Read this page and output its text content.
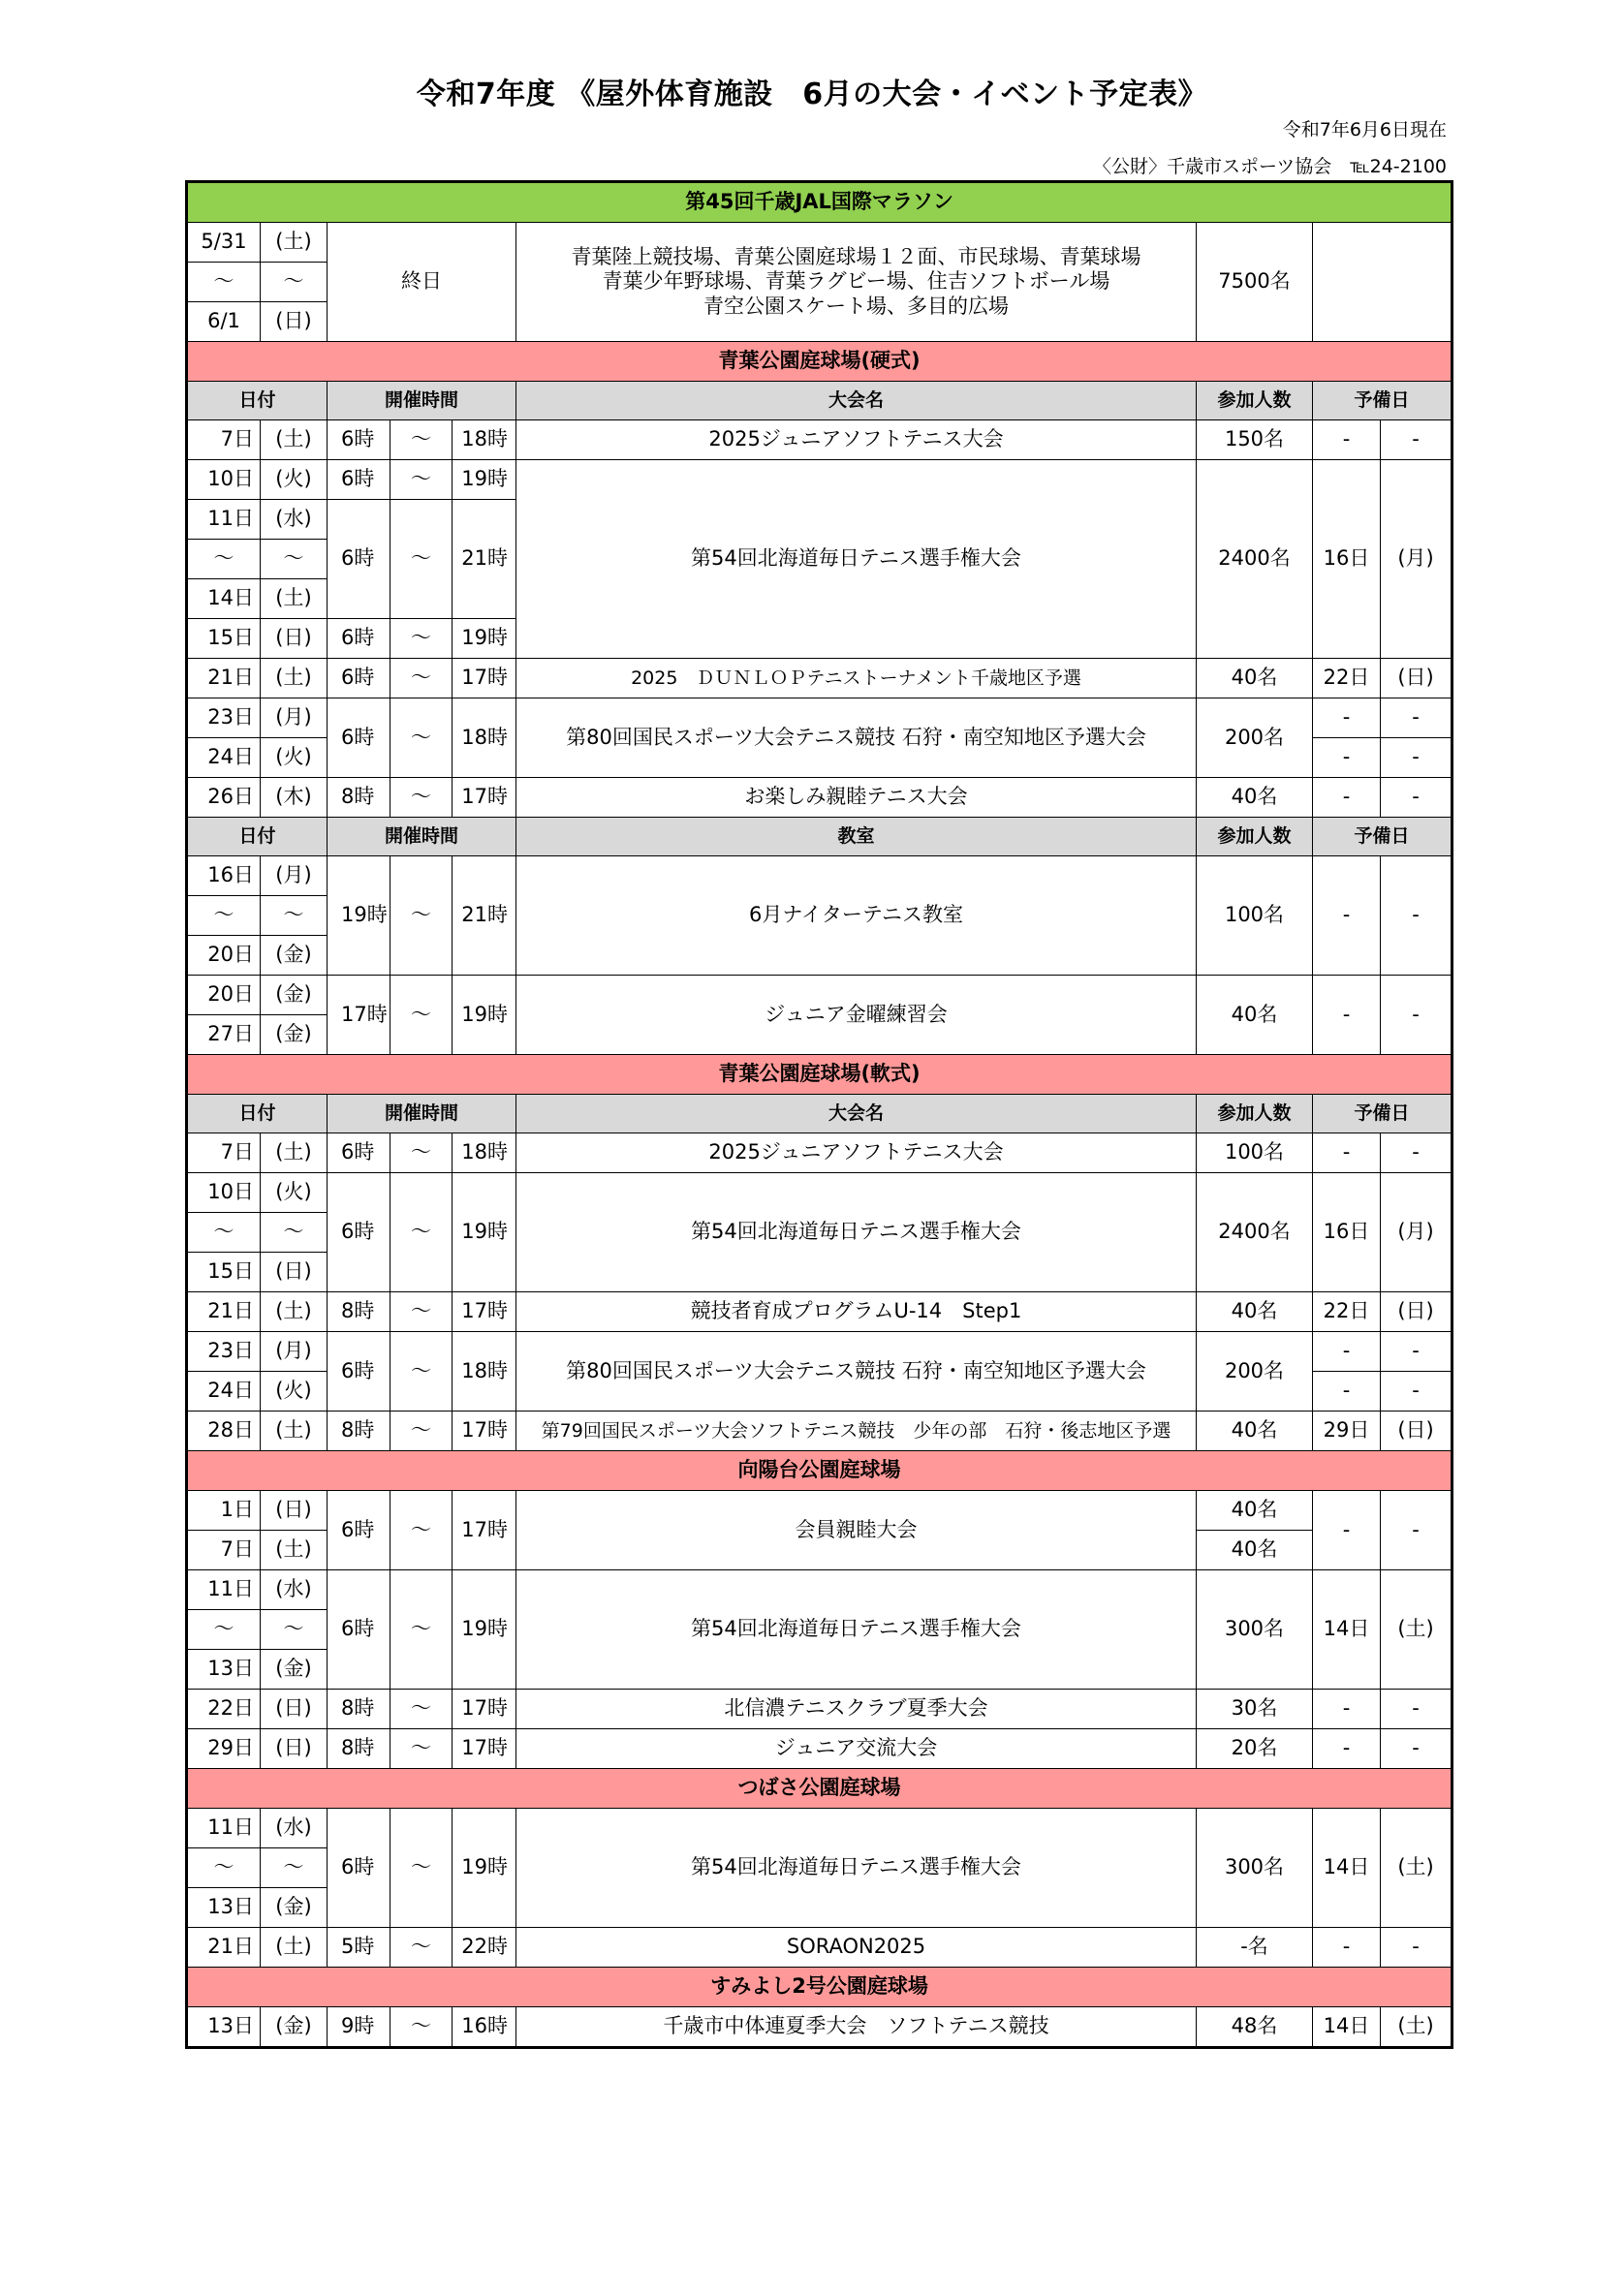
令和7年度 《屋外体育施設　6月の大会・イベント予定表》
令和7年6月6日現在
〈公財〉千歳市スポーツ協会　℡24-2100
第45回千歳JAL国際マラソン								
5/31	(土)	終日			青葉陸上競技場、青葉公園庭球場１２面、市民球場、青葉球場
青葉少年野球場、青葉ラグビー場、住吉ソフトボール場
青空公園スケート場、多目的広場	7500名		
～	～							
6/1	(日)							
青葉公園庭球場(硬式)								
日付		開催時間			大会名	参加人数	予備日	
7日	(土)	6時	～	18時	2025ジュニアソフトテニス大会	150名	-	-
10日	(火)	6時	～	19時	第54回北海道毎日テニス選手権大会	2400名	16日	(月)
11日	(水)	6時	～	21時				
～	～							
14日	(土)							
15日	(日)	6時	～	19時				
21日	(土)	6時	～	17時	2025　ＤＵＮＬＯＰテニストーナメント千歳地区予選	40名	22日	(日)
23日	(月)	6時	～	18時	第80回国民スポーツ大会テニス競技 石狩・南空知地区予選大会	200名	-	-
24日	(火)						-	-
26日	(木)	8時	～	17時	お楽しみ親睦テニス大会	40名	-	-
日付		開催時間			教室	参加人数	予備日	
16日	(月)	19時	～	21時	6月ナイターテニス教室	100名	-	-
～	～							
20日	(金)							
20日	(金)	17時	～	19時	ジュニア金曜練習会	40名	-	-
27日	(金)							
青葉公園庭球場(軟式)								
日付		開催時間			大会名	参加人数	予備日	
7日	(土)	6時	～	18時	2025ジュニアソフトテニス大会	100名	-	-
10日	(火)	6時	～	19時	第54回北海道毎日テニス選手権大会	2400名	16日	(月)
～	～							
15日	(日)							
21日	(土)	8時	～	17時	競技者育成プログラムU-14　Step1	40名	22日	(日)
23日	(月)	6時	～	18時	第80回国民スポーツ大会テニス競技 石狩・南空知地区予選大会	200名	-	-
24日	(火)						-	-
28日	(土)	8時	～	17時	第79回国民スポーツ大会ソフトテニス競技　少年の部　石狩・後志地区予選	40名	29日	(日)
向陽台公園庭球場								
1日	(日)	6時	～	17時	会員親睦大会	40名	-	-
7日	(土)					40名		
11日	(水)	6時	～	19時	第54回北海道毎日テニス選手権大会	300名	14日	(土)
～	～							
13日	(金)							
22日	(日)	8時	～	17時	北信濃テニスクラブ夏季大会	30名	-	-
29日	(日)	8時	～	17時	ジュニア交流大会	20名	-	-
つばさ公園庭球場								
11日	(水)	6時	～	19時	第54回北海道毎日テニス選手権大会	300名	14日	(土)
～	～							
13日	(金)							
21日	(土)	5時	～	22時	SORAON2025	-名	-	-
すみよし2号公園庭球場								
13日	(金)	9時	～	16時	千歳市中体連夏季大会　ソフトテニス競技	48名	14日	(土)
